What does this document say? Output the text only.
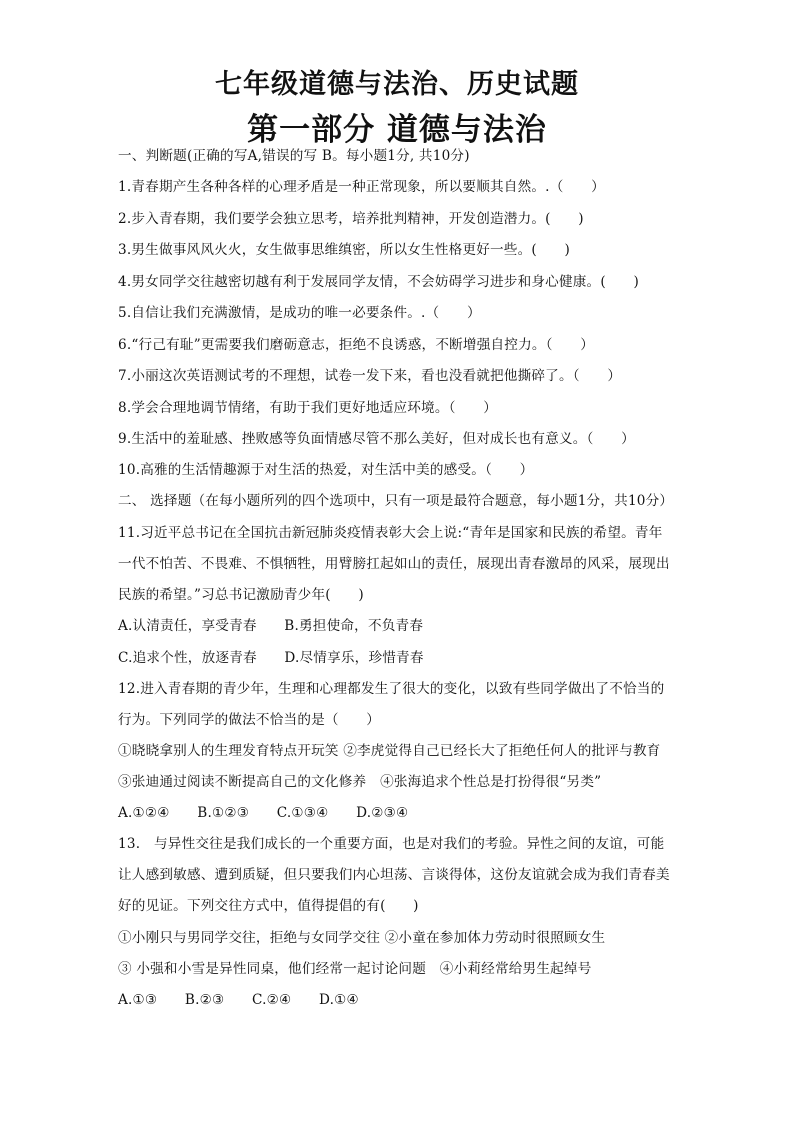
七年级道德与法治、历史试题
第一部分 道德与法治
一、判断题(正确的写A,错误的写 B。每小题1分, 共10分)
1.青春期产生各种各样的心理矛盾是一种正常现象，所以要顺其自然。.（　　）
2.步入青春期，我们要学会独立思考，培养批判精神，开发创造潜力。(　　)
3.男生做事风风火火，女生做事思维缜密，所以女生性格更好一些。(　　)
4.男女同学交往越密切越有利于发展同学友情，不会妨碍学习进步和身心健康。(　　)
5.自信让我们充满激情，是成功的唯一必要条件。.（　　）
6.“行己有耻”更需要我们磨砺意志，拒绝不良诱惑，不断增强自控力。（　　）
7.小丽这次英语测试考的不理想，试卷一发下来，看也没看就把他撕碎了。（　　）
8.学会合理地调节情绪，有助于我们更好地适应环境。（　　）
9.生活中的羞耻感、挫败感等负面情感尽管不那么美好，但对成长也有意义。（　　）
10.高雅的生活情趣源于对生活的热爱，对生活中美的感受。（　　）
二、 选择题（在每小题所列的四个选项中，只有一项是最符合题意，每小题1分，共10分）
11.习近平总书记在全国抗击新冠肺炎疫情表彰大会上说:“青年是国家和民族的希望。青年
一代不怕苦、不畏难、不惧牺牲，用臂膀扛起如山的责任，展现出青春激昂的风采，展现出
民族的希望。”习总书记激励青少年(　　)
A.认清责任，享受青春　　B.勇担使命，不负青春
C.追求个性，放逐青春　　D.尽情享乐，珍惜青春
12.进入青春期的青少年，生理和心理都发生了很大的变化，以致有些同学做出了不恰当的
行为。下列同学的做法不恰当的是（　　）
①晓晓拿别人的生理发育特点开玩笑 ②李虎觉得自己已经长大了拒绝任何人的批评与教育
③张迪通过阅读不断提高自己的文化修养　④张海追求个性总是打扮得很“另类”
A.①②④　　B.①②③　　C.①③④　　D.②③④
13.　与异性交往是我们成长的一个重要方面，也是对我们的考验。异性之间的友谊，可能
让人感到敏感、遭到质疑，但只要我们内心坦荡、言谈得体，这份友谊就会成为我们青春美
好的见证。下列交往方式中，值得提倡的有(　　)
①小刚只与男同学交往，拒绝与女同学交往 ②小童在参加体力劳动时很照顾女生
③ 小强和小雪是异性同桌，他们经常一起讨论问题　④小莉经常给男生起绰号
A.①③　　B.②③　　C.②④　　D.①④
